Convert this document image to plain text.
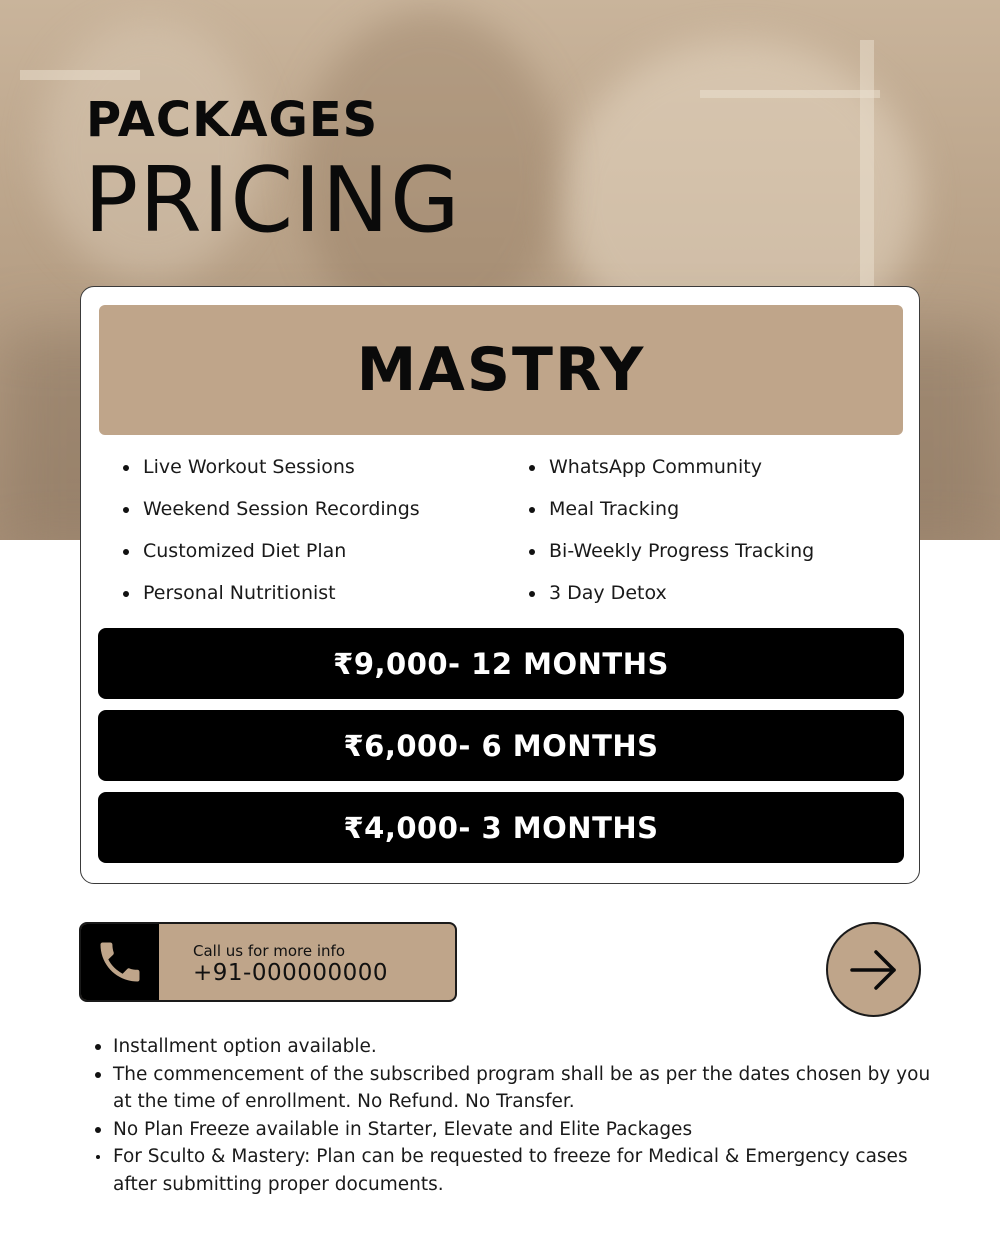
PACKAGES
PRICING
MASTRY
Live Workout Sessions
Weekend Session Recordings
Customized Diet Plan
Personal Nutritionist
WhatsApp Community
Meal Tracking
Bi-Weekly Progress Tracking
3 Day Detox
₹9,000- 12 MONTHS
₹6,000- 6 MONTHS
₹4,000- 3 MONTHS
Call us for more info
+91-000000000
Installment option available.
The commencement of the subscribed program shall be as per the dates chosen by you at the time of enrollment. No Refund. No Transfer.
No Plan Freeze available in Starter, Elevate and Elite Packages
For Sculto & Mastery: Plan can be requested to freeze for Medical & Emergency cases after submitting proper documents.
